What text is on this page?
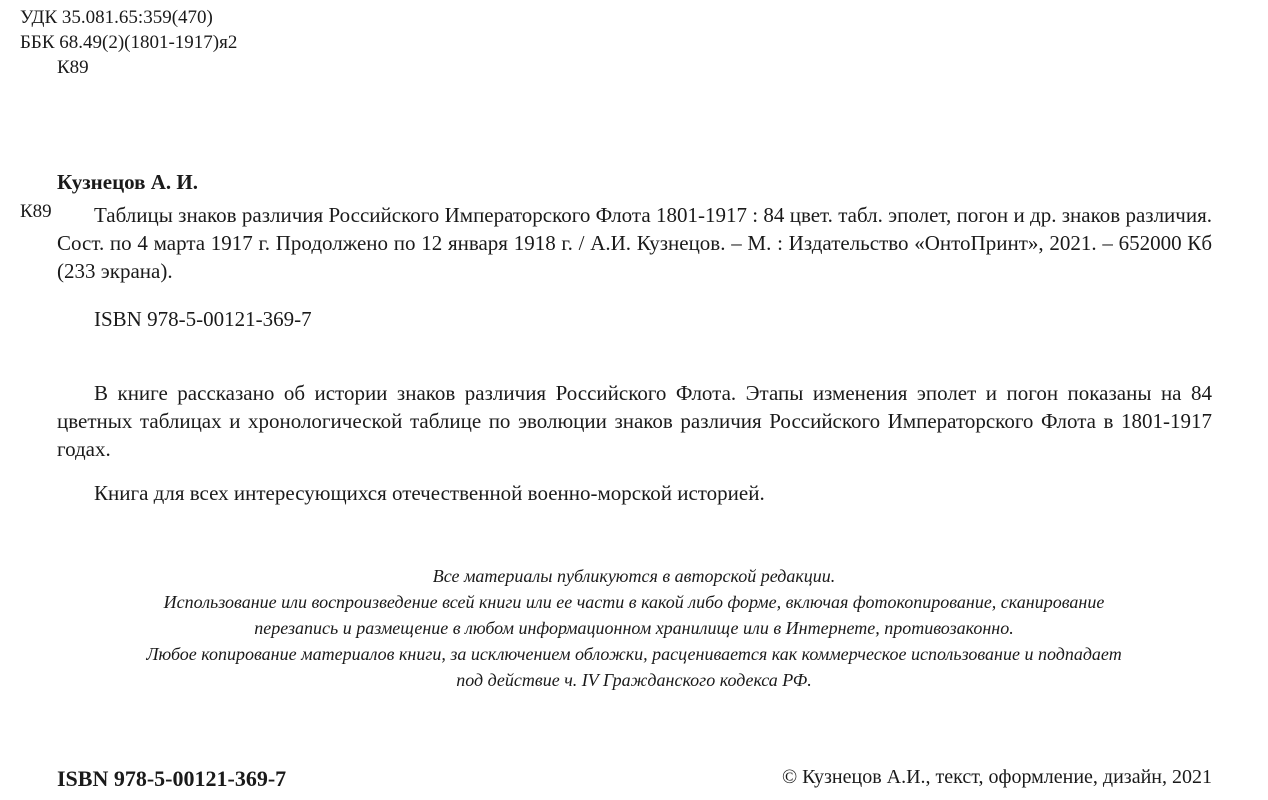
УДК 35.081.65:359(470)

ББК 68.49(2)(1801-1917)я2

К89

Кузнецов А. И.

К89	Таблицы знаков различия Российского Императорского Флота 1801-1917 : 84 цвет. табл. эполет, погон и др. знаков различия. Сост. по 4 марта 1917 г. Продолжено по 12 января 1918 г. / А.И. Кузнецов. – М. : Издательство «ОнтоПринт», 2021. – 652000 Кб (233 экрана).

ISBN 978-5-00121-369-7

В книге рассказано об истории знаков различия Российского Флота. Этапы изменения эполет и погон показаны на 84 цветных таблицах и хронологической таблице по эволюции знаков различия Российского Императорского Флота в 1801-1917 годах.

Книга для всех интересующихся отечественной военно-морской историей.

Все материалы публикуются в авторской редакции.
Использование или воспроизведение всей книги или ее части в какой либо форме, включая фотокопирование, сканирование
перезапись и размещение в любом информационном хранилище или в Интернете, противозаконно.
Любое копирование материалов книги, за исключением обложки, расценивается как коммерческое использование и подпадает
под действие ч. IV Гражданского кодекса РФ.

ISBN 978-5-00121-369-7	© Кузнецов А.И., текст, оформление, дизайн, 2021
